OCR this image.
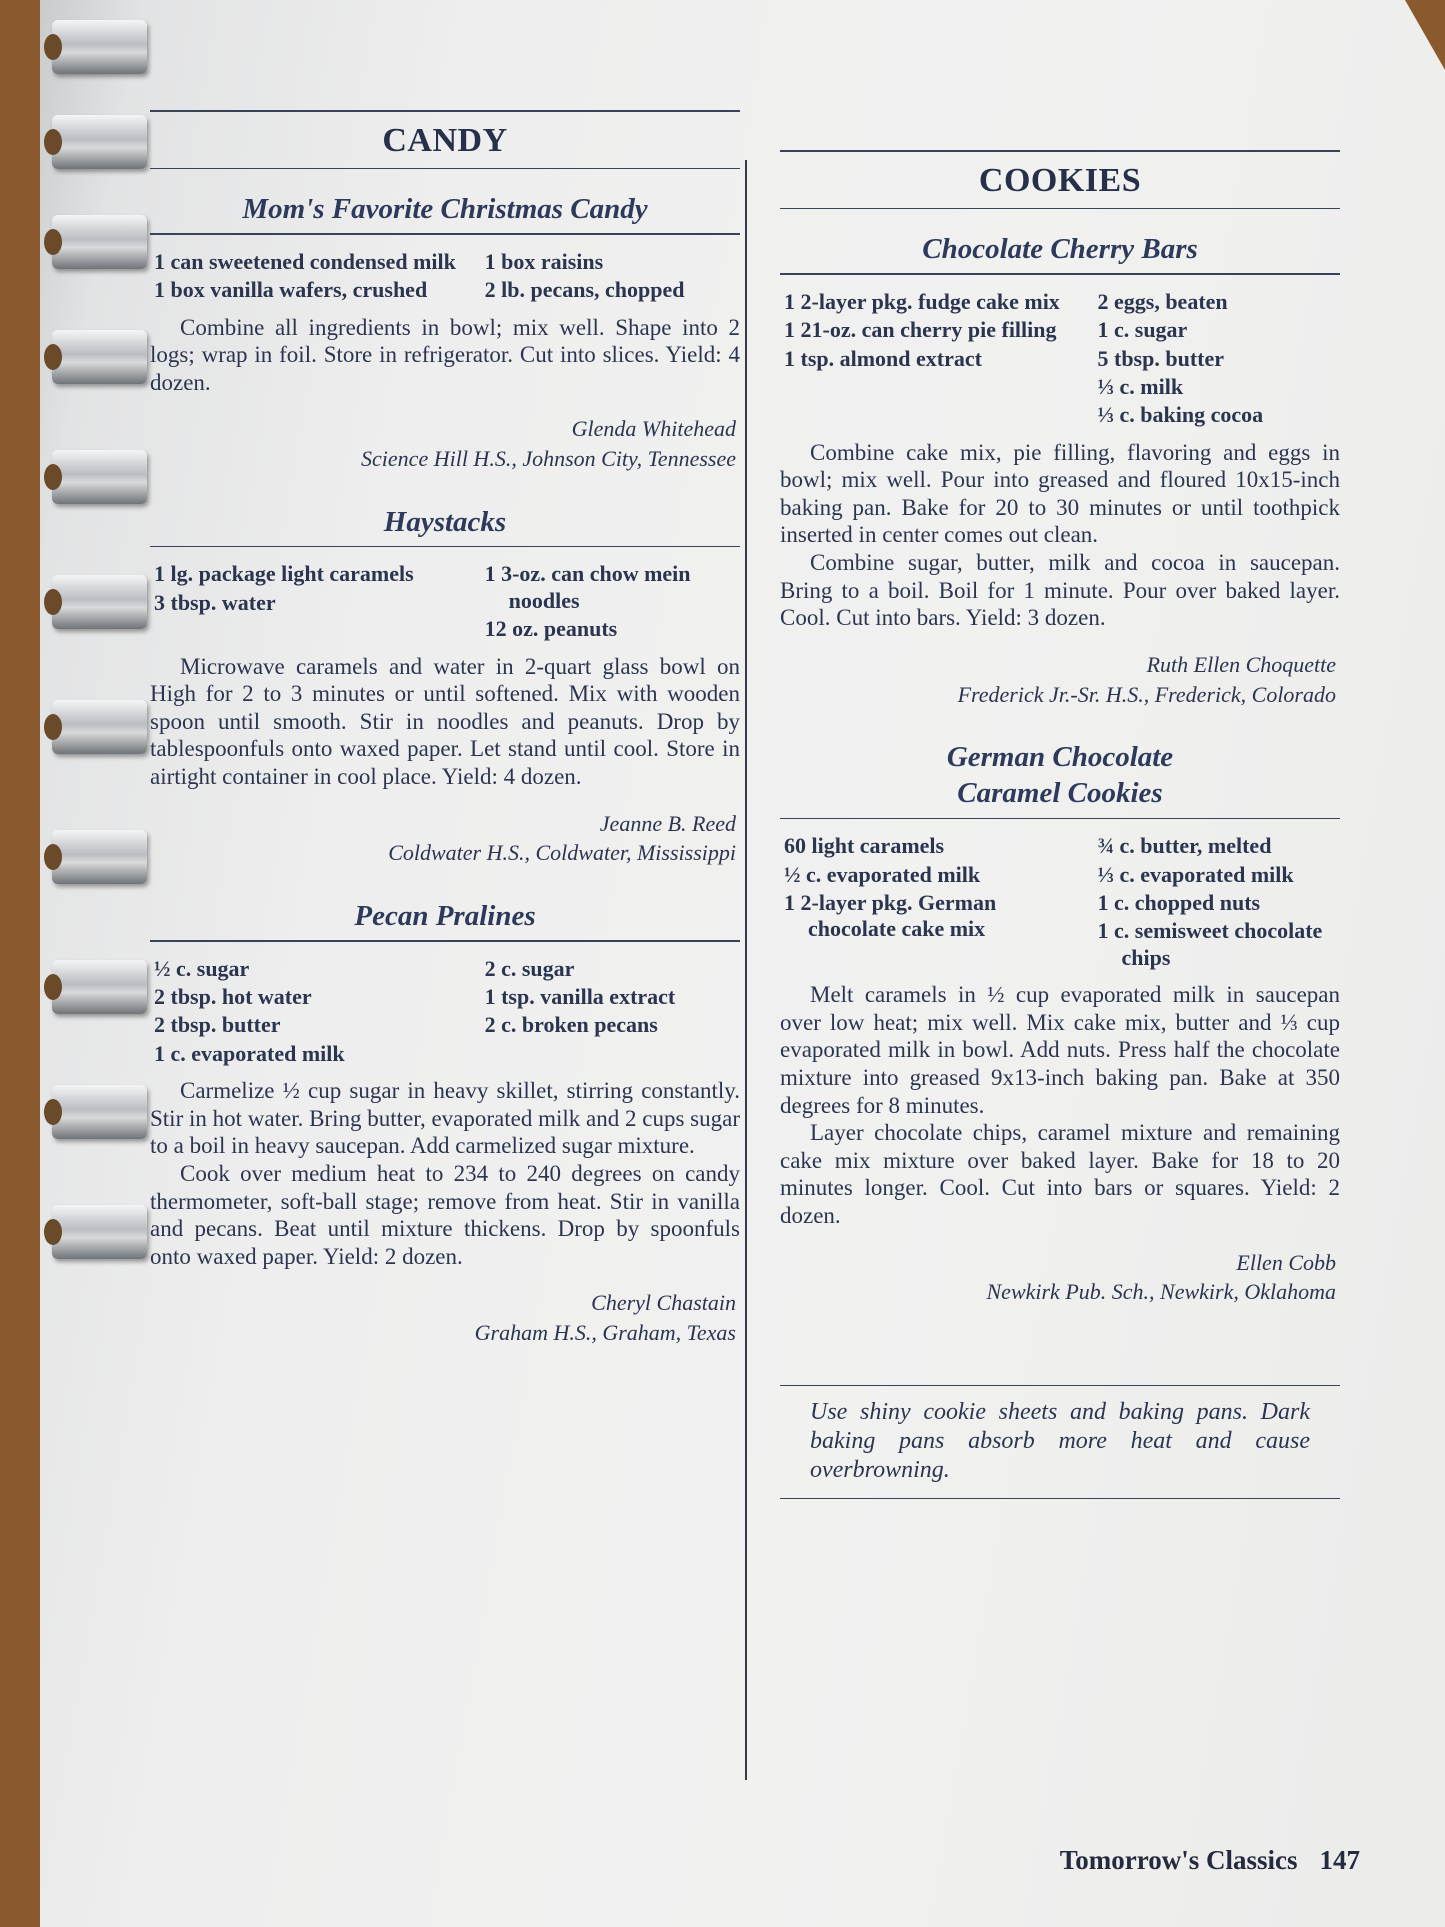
CANDY
Mom's Favorite Christmas Candy
1 can sweetened condensed milk
1 box vanilla wafers, crushed
1 box raisins
2 lb. pecans, chopped

Combine all ingredients in bowl; mix well. Shape into 2 logs; wrap in foil. Store in refrigerator. Cut into slices. Yield: 4 dozen.

Glenda Whitehead
Science Hill H.S., Johnson City, Tennessee
Haystacks
1 lg. package light caramels
3 tbsp. water
1 3-oz. can chow mein noodles
12 oz. peanuts

Microwave caramels and water in 2-quart glass bowl on High for 2 to 3 minutes or until softened. Mix with wooden spoon until smooth. Stir in noodles and peanuts. Drop by tablespoonfuls onto waxed paper. Let stand until cool. Store in airtight container in cool place. Yield: 4 dozen.

Jeanne B. Reed
Coldwater H.S., Coldwater, Mississippi
Pecan Pralines
½ c. sugar
2 tbsp. hot water
2 tbsp. butter
1 c. evaporated milk
2 c. sugar
1 tsp. vanilla extract
2 c. broken pecans

Carmelize ½ cup sugar in heavy skillet, stirring constantly. Stir in hot water. Bring butter, evaporated milk and 2 cups sugar to a boil in heavy saucepan. Add carmelized sugar mixture.

Cook over medium heat to 234 to 240 degrees on candy thermometer, soft-ball stage; remove from heat. Stir in vanilla and pecans. Beat until mixture thickens. Drop by spoonfuls onto waxed paper. Yield: 2 dozen.

Cheryl Chastain
Graham H.S., Graham, Texas
COOKIES
Chocolate Cherry Bars
1 2-layer pkg. fudge cake mix
1 21-oz. can cherry pie filling
1 tsp. almond extract
2 eggs, beaten
1 c. sugar
5 tbsp. butter
⅓ c. milk
⅓ c. baking cocoa

Combine cake mix, pie filling, flavoring and eggs in bowl; mix well. Pour into greased and floured 10x15-inch baking pan. Bake for 20 to 30 minutes or until toothpick inserted in center comes out clean.

Combine sugar, butter, milk and cocoa in saucepan. Bring to a boil. Boil for 1 minute. Pour over baked layer. Cool. Cut into bars. Yield: 3 dozen.

Ruth Ellen Choquette
Frederick Jr.-Sr. H.S., Frederick, Colorado
German Chocolate
Caramel Cookies
60 light caramels
½ c. evaporated milk
1 2-layer pkg. German chocolate cake mix
¾ c. butter, melted
⅓ c. evaporated milk
1 c. chopped nuts
1 c. semisweet chocolate chips

Melt caramels in ½ cup evaporated milk in saucepan over low heat; mix well. Mix cake mix, butter and ⅓ cup evaporated milk in bowl. Add nuts. Press half the chocolate mixture into greased 9x13-inch baking pan. Bake at 350 degrees for 8 minutes.

Layer chocolate chips, caramel mixture and remaining cake mix mixture over baked layer. Bake for 18 to 20 minutes longer. Cool. Cut into bars or squares. Yield: 2 dozen.

Ellen Cobb
Newkirk Pub. Sch., Newkirk, Oklahoma
Use shiny cookie sheets and baking pans. Dark baking pans absorb more heat and cause overbrowning.
Tomorrow's Classics 147
